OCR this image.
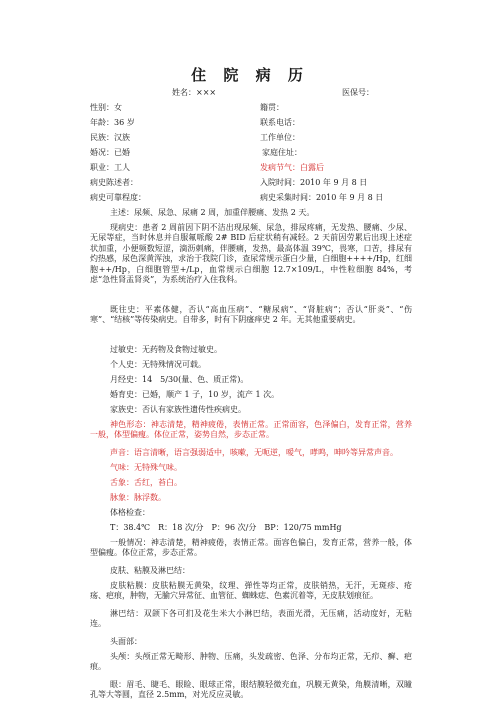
住 院 病 历
姓名：×××	医保号：
性别：女	籍贯：
年龄：36 岁	联系电话：
民族：汉族	工作单位：
婚况：已婚	家庭住址：
职业：工人	发病节气：白露后
病史陈述者：	入院时间：2010 年 9 月 8 日
病史可靠程度：	病史采集时间：2010 年 9 月 8 日
主述：尿频、尿急、尿痛 2 周，加重伴腰痛、发热 2 天。
现病史：患者 2 周前因下阴不洁出现尿频、尿急，排尿疼痛，无发热、腰痛、少尿、无尿等症，当时休息并自服氟哌酸 2# BID 后症状稍有减轻。2 天前因劳累后出现上述症状加重，小便频数短涩，滴沥刺痛，伴腰痛，发热，最高体温 39℃，畏寒，口苦，排尿有灼热感，尿色深黄浑浊，求治于我院门诊，查尿常规示蛋白少量，白细胞++++/Hp，红细胞++/Hp，白细胞管型+/Lp，血常规示白细胞 12.7×109/L，中性粒细胞 84%，考虑“急性肾盂肾炎”，为系统治疗入住我科。
既往史：平素体健，否认“高血压病”、“糖尿病”、“肾脏病”；否认“肝炎”、“伤寒”、“结核”等传染病史。自带多，时有下阴瘙痒史 2 年。无其他重要病史。
过敏史：无药物及食物过敏史。
个人史：无特殊情况可载。
月经史：14　5/30(量、色、质正常)。
婚育史：已婚，顺产 1 子，10 岁，流产 1 次。
家族史：否认有家族性遗传性疾病史。
神色形态：神志清楚，精神疲倦，表情正常。正常面容，色泽偏白，发育正常，营养一般，体型偏瘦。体位正常，姿势自然，步态正常。
声音：语言清晰，语言强弱适中，咳嗽，无呃逆，嗳气，哮鸣，呻吟等异常声音。
气味：无特殊气味。
舌象：舌红，苔白。
脉象：脉浮数。
体格检查：
T：38.4℃　R：18 次/分　P：96 次/分　BP：120/75 mmHg
一般情况：神志清楚，精神疲倦，表情正常。面容色偏白，发育正常，营养一般，体型偏瘦。体位正常，步态正常。
皮肤、粘膜及淋巴结：
皮肤粘膜：皮肤粘膜无黄染，纹理、弹性等均正常，皮肤销热，无汗，无斑疹、疮疡、疤痕，肿物，无腧穴异常征、血管征、蜘蛛痣、色素沉着等，无皮肤划痕征。
淋巴结：双颌下各可扪及花生米大小淋巴结，表面光滑，无压痛，活动度好，无粘连。
头面部：
头颅：头颅正常无畸形、肿物、压痛，头发疏密、色泽、分布均正常，无疖、癣、疤痕。
眼：眉毛、睫毛、眼睑、眼球正常，眼结膜轻微充血，巩膜无黄染，角膜清晰，双瞳孔等大等圆，直径 2.5mm，对光反应灵敏。
